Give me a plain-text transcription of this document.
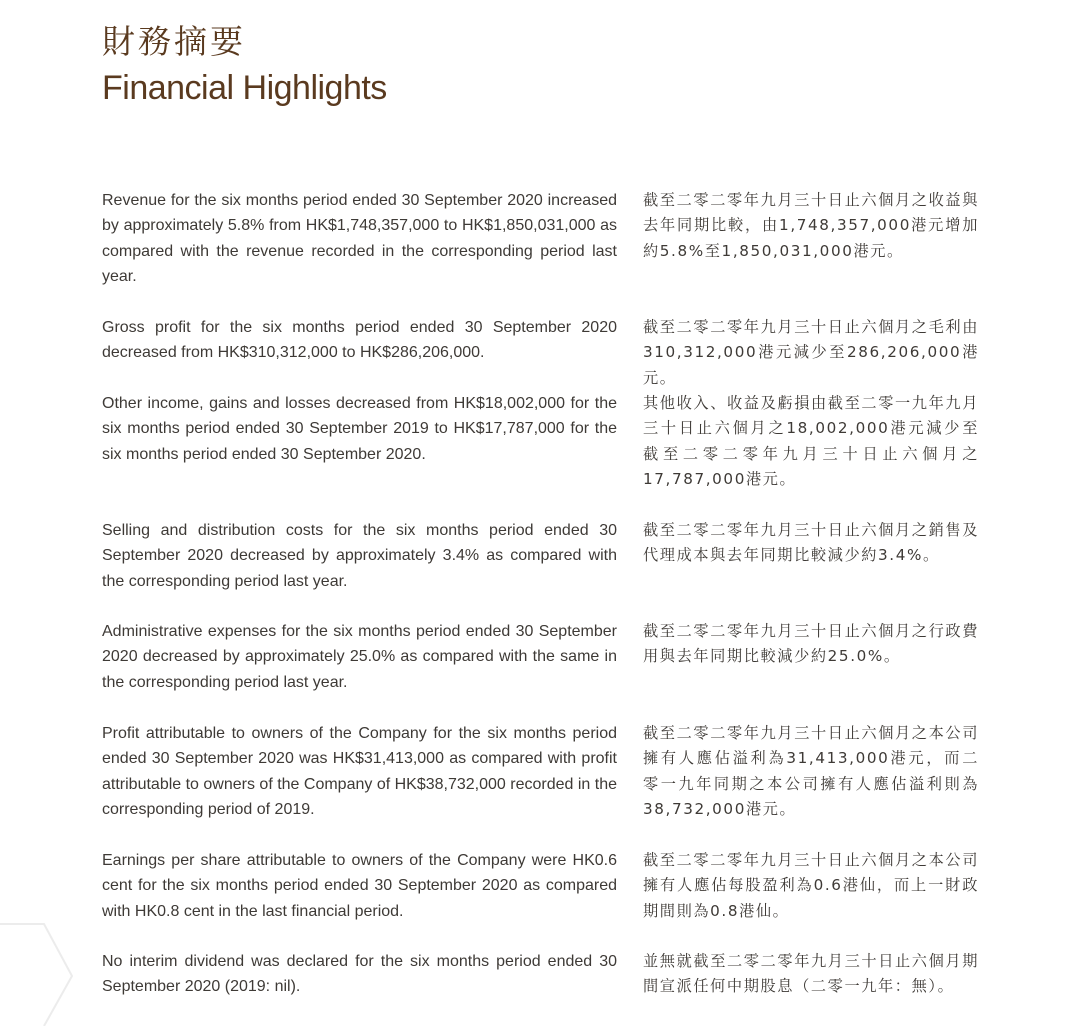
財務摘要
Financial Highlights

Revenue for the six months period ended 30 September 2020 increased by approximately 5.8% from HK$1,748,357,000 to HK$1,850,031,000 as compared with the revenue recorded in the corresponding period last year.

Gross profit for the six months period ended 30 September 2020 decreased from HK$310,312,000 to HK$286,206,000.

Other income, gains and losses decreased from HK$18,002,000 for the six months period ended 30 September 2019 to HK$17,787,000 for the six months period ended 30 September 2020.

Selling and distribution costs for the six months period ended 30 September 2020 decreased by approximately 3.4% as compared with the corresponding period last year.

Administrative expenses for the six months period ended 30 September 2020 decreased by approximately 25.0% as compared with the same in the corresponding period last year.

Profit attributable to owners of the Company for the six months period ended 30 September 2020 was HK$31,413,000 as compared with profit attributable to owners of the Company of HK$38,732,000 recorded in the corresponding period of 2019.

Earnings per share attributable to owners of the Company were HK0.6 cent for the six months period ended 30 September 2020 as compared with HK0.8 cent in the last financial period.

No interim dividend was declared for the six months period ended 30 September 2020 (2019: nil).

截至二零二零年九月三十日止六個月之收益與去年同期比較，由1,748,357,000港元增加約5.8%至1,850,031,000港元。

截至二零二零年九月三十日止六個月之毛利由310,312,000港元減少至286,206,000港元。

其他收入、收益及虧損由截至二零一九年九月三十日止六個月之18,002,000港元減少至截至二零二零年九月三十日止六個月之17,787,000港元。

截至二零二零年九月三十日止六個月之銷售及代理成本與去年同期比較減少約3.4%。

截至二零二零年九月三十日止六個月之行政費用與去年同期比較減少約25.0%。

截至二零二零年九月三十日止六個月之本公司擁有人應佔溢利為31,413,000港元，而二零一九年同期之本公司擁有人應佔溢利則為38,732,000港元。

截至二零二零年九月三十日止六個月之本公司擁有人應佔每股盈利為0.6港仙，而上一財政期間則為0.8港仙。

並無就截至二零二零年九月三十日止六個月期間宣派任何中期股息（二零一九年：無）。
